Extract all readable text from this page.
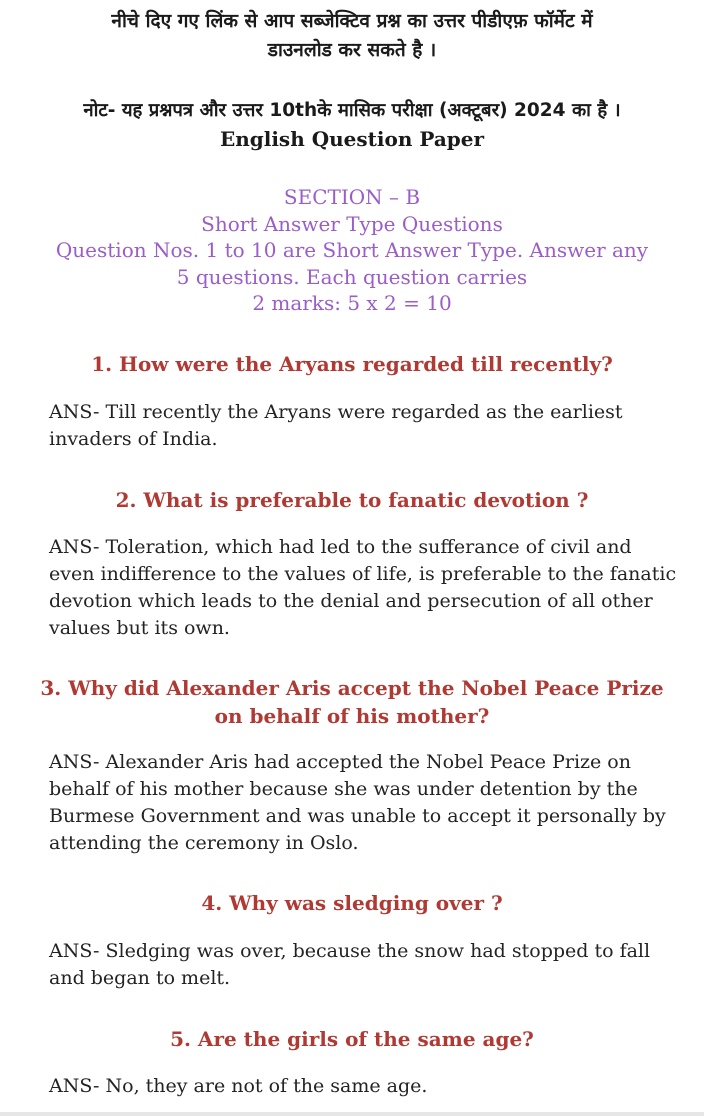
नीचे दिए गए लिंक से आप सब्जेक्टिव प्रश्न का उत्तर पीडीएफ़ फॉर्मेट में
डाउनलोड कर सकते है ।
नोट- यह प्रश्नपत्र और उत्तर 10thके मासिक परीक्षा (अक्टूबर) 2024 का है ।
English Question Paper
SECTION – B
Short Answer Type Questions
Question Nos. 1 to 10 are Short Answer Type. Answer any
5 questions. Each question carries
2 marks: 5 x 2 = 10
1. How were the Aryans regarded till recently?
ANS- Till recently the Aryans were regarded as the earliest invaders of India.
2. What is preferable to fanatic devotion ?
ANS- Toleration, which had led to the sufferance of civil and even indifference to the values of life, is preferable to the fanatic devotion which leads to the denial and persecution of all other values but its own.
3. Why did Alexander Aris accept the Nobel Peace Prize on behalf of his mother?
ANS- Alexander Aris had accepted the Nobel Peace Prize on behalf of his mother because she was under detention by the Burmese Government and was unable to accept it personally by attending the ceremony in Oslo.
4. Why was sledging over ?
ANS- Sledging was over, because the snow had stopped to fall and began to melt.
5. Are the girls of the same age?
ANS- No, they are not of the same age.
